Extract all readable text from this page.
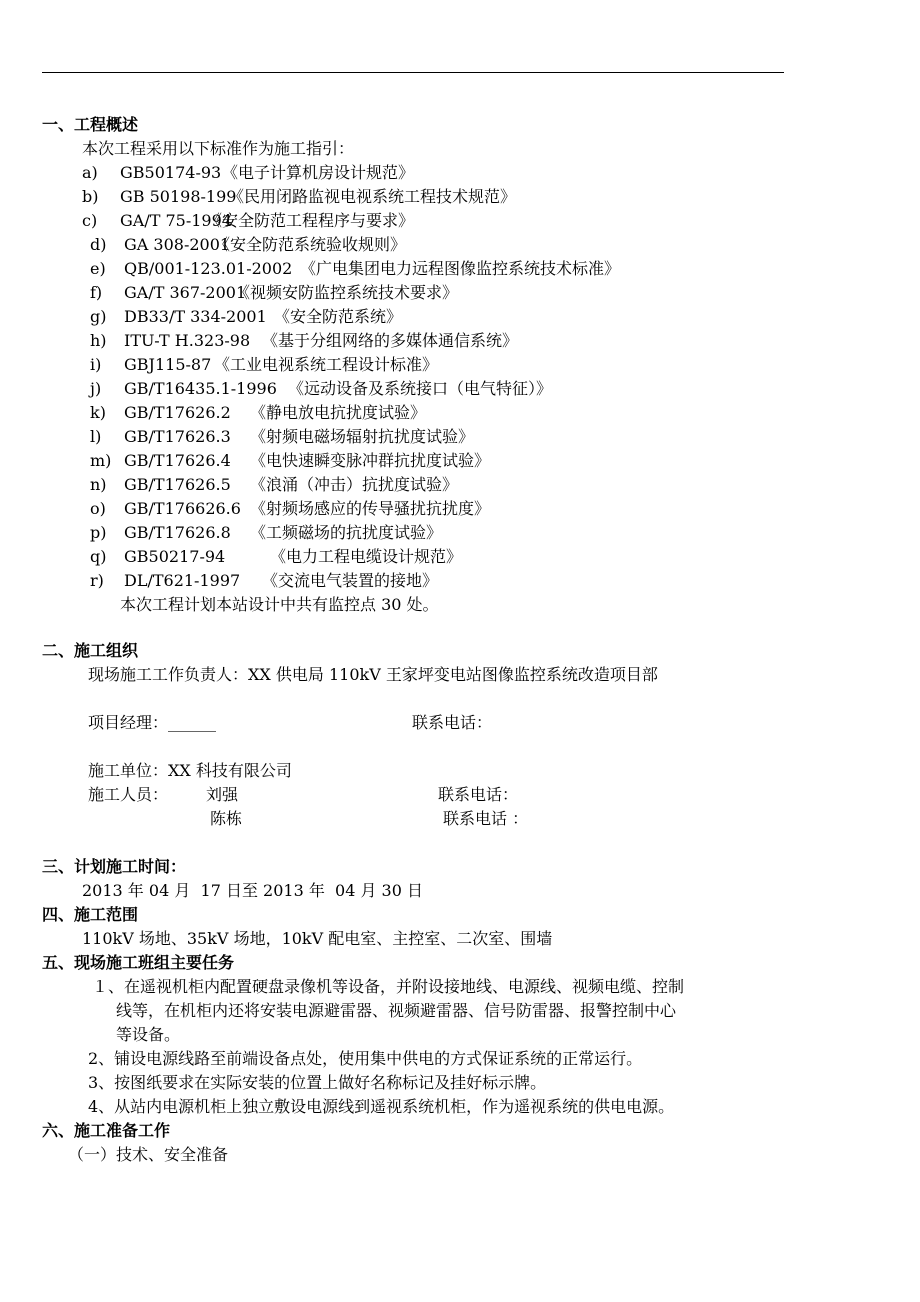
一、工程概述
本次工程采用以下标准作为施工指引：
a) GB50174-93 《电子计算机房设计规范》
b) GB 50198-199
《民用闭路监视电视系统工程技术规范》
c) GA/T 75-1994
《安全防范工程程序与要求》
d) GA 308-2001
《安全防范系统验收规则》
e) QB/001-123.01-2002 《广电集团电力远程图像监控系统技术标准》
f) GA/T 367-2001
《视频安防监控系统技术要求》
g) DB33/T 334-2001 《安全防范系统》
h) ITU-T H.323-98 《基于分组网络的多媒体通信系统》
i) GBJ115-87 《工业电视系统工程设计标准》
j) GB/T16435.1-1996 《远动设备及系统接口（电气特征）》
k) GB/T17626.2 《静电放电抗扰度试验》
l) GB/T17626.3 《射频电磁场辐射抗扰度试验》
m) GB/T17626.4 《电快速瞬变脉冲群抗扰度试验》
n) GB/T17626.5 《浪涌（冲击）抗扰度试验》
o) GB/T176626.6 《射频场感应的传导骚扰抗扰度》
p) GB/T17626.8 《工频磁场的抗扰度试验》
q) GB50217-94	《电力工程电缆设计规范》
r) DL/T621-1997 《交流电气装置的接地》
本次工程计划本站设计中共有监控点 30 处。
二、施工组织
现场施工工作负责人：XX 供电局 110kV 王家坪变电站图像监控系统改造项目部
项目经理：______	联系电话：
施工单位：XX 科技有限公司
施工人员： 刘强	联系电话：
陈栋	联系电话 ：
三、计划施工时间：
2013 年 04 月  17 日至 2013 年  04 月 30 日
四、施工范围
110kV 场地、35kV 场地，10kV 配电室、主控室、二次室、围墙
五、现场施工班组主要任务
１、在遥视机柜内配置硬盘录像机等设备，并附设接地线、电源线、视频电缆、控制
线等，在机柜内还将安装电源避雷器、视频避雷器、信号防雷器、报警控制中心
等设备。
2、铺设电源线路至前端设备点处，使用集中供电的方式保证系统的正常运行。
3、按图纸要求在实际安装的位置上做好名称标记及挂好标示牌。
4、从站内电源机柜上独立敷设电源线到遥视系统机柜，作为遥视系统的供电电源。
六、施工准备工作
（一）技术、安全准备
